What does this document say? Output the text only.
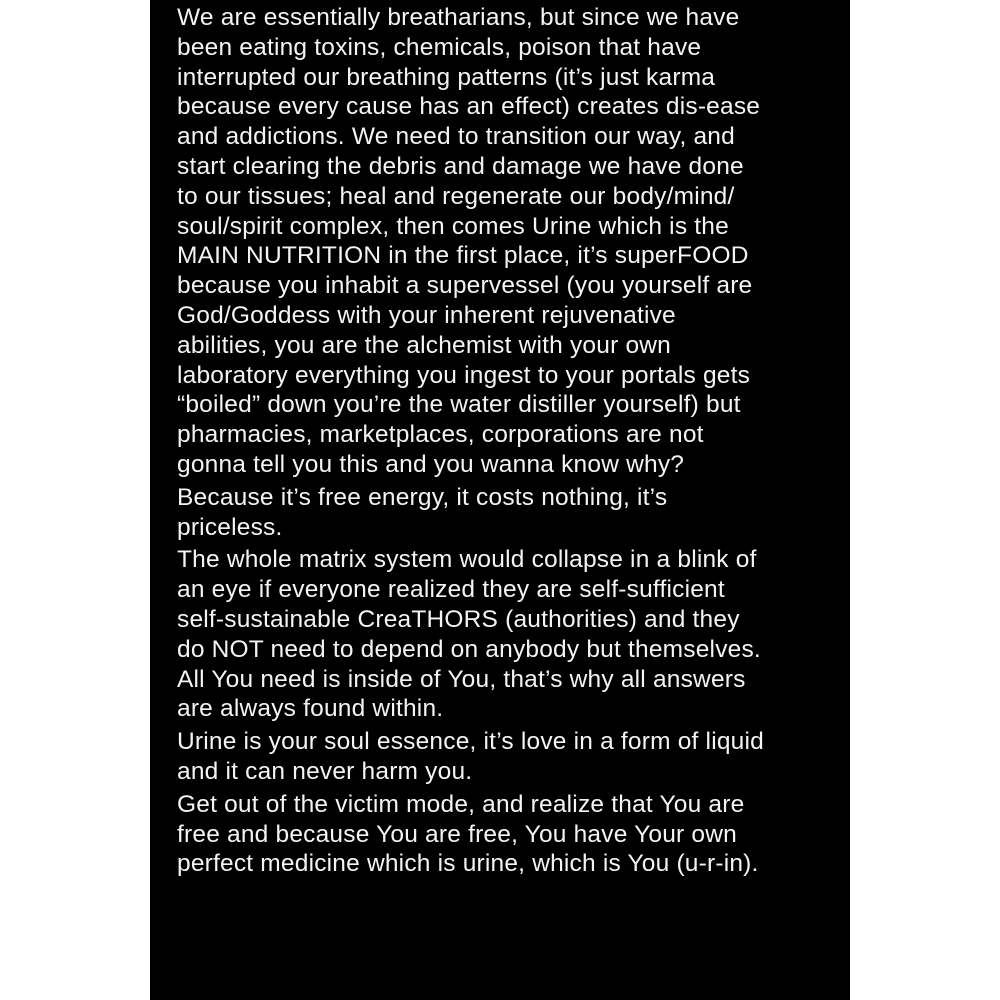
We are essentially breatharians, but since we have
been eating toxins, chemicals, poison that have
interrupted our breathing patterns (it’s just karma
because every cause has an effect) creates dis-ease
and addictions. We need to transition our way, and
start clearing the debris and damage we have done
to our tissues; heal and regenerate our body/mind/
soul/spirit complex, then comes Urine which is the
MAIN NUTRITION in the first place, it’s superFOOD
because you inhabit a supervessel (you yourself are
God/Goddess with your inherent rejuvenative
abilities, you are the alchemist with your own
laboratory everything you ingest to your portals gets
“boiled” down you’re the water distiller yourself) but
pharmacies, marketplaces, corporations are not
gonna tell you this and you wanna know why?
Because it’s free energy, it costs nothing, it’s
priceless.
The whole matrix system would collapse in a blink of
an eye if everyone realized they are self-sufficient
self-sustainable CreaTHORS (authorities) and they
do NOT need to depend on anybody but themselves.
All You need is inside of You, that’s why all answers
are always found within.
Urine is your soul essence, it’s love in a form of liquid
and it can never harm you.
Get out of the victim mode, and realize that You are
free and because You are free, You have Your own
perfect medicine which is urine, which is You (u-r-in).
